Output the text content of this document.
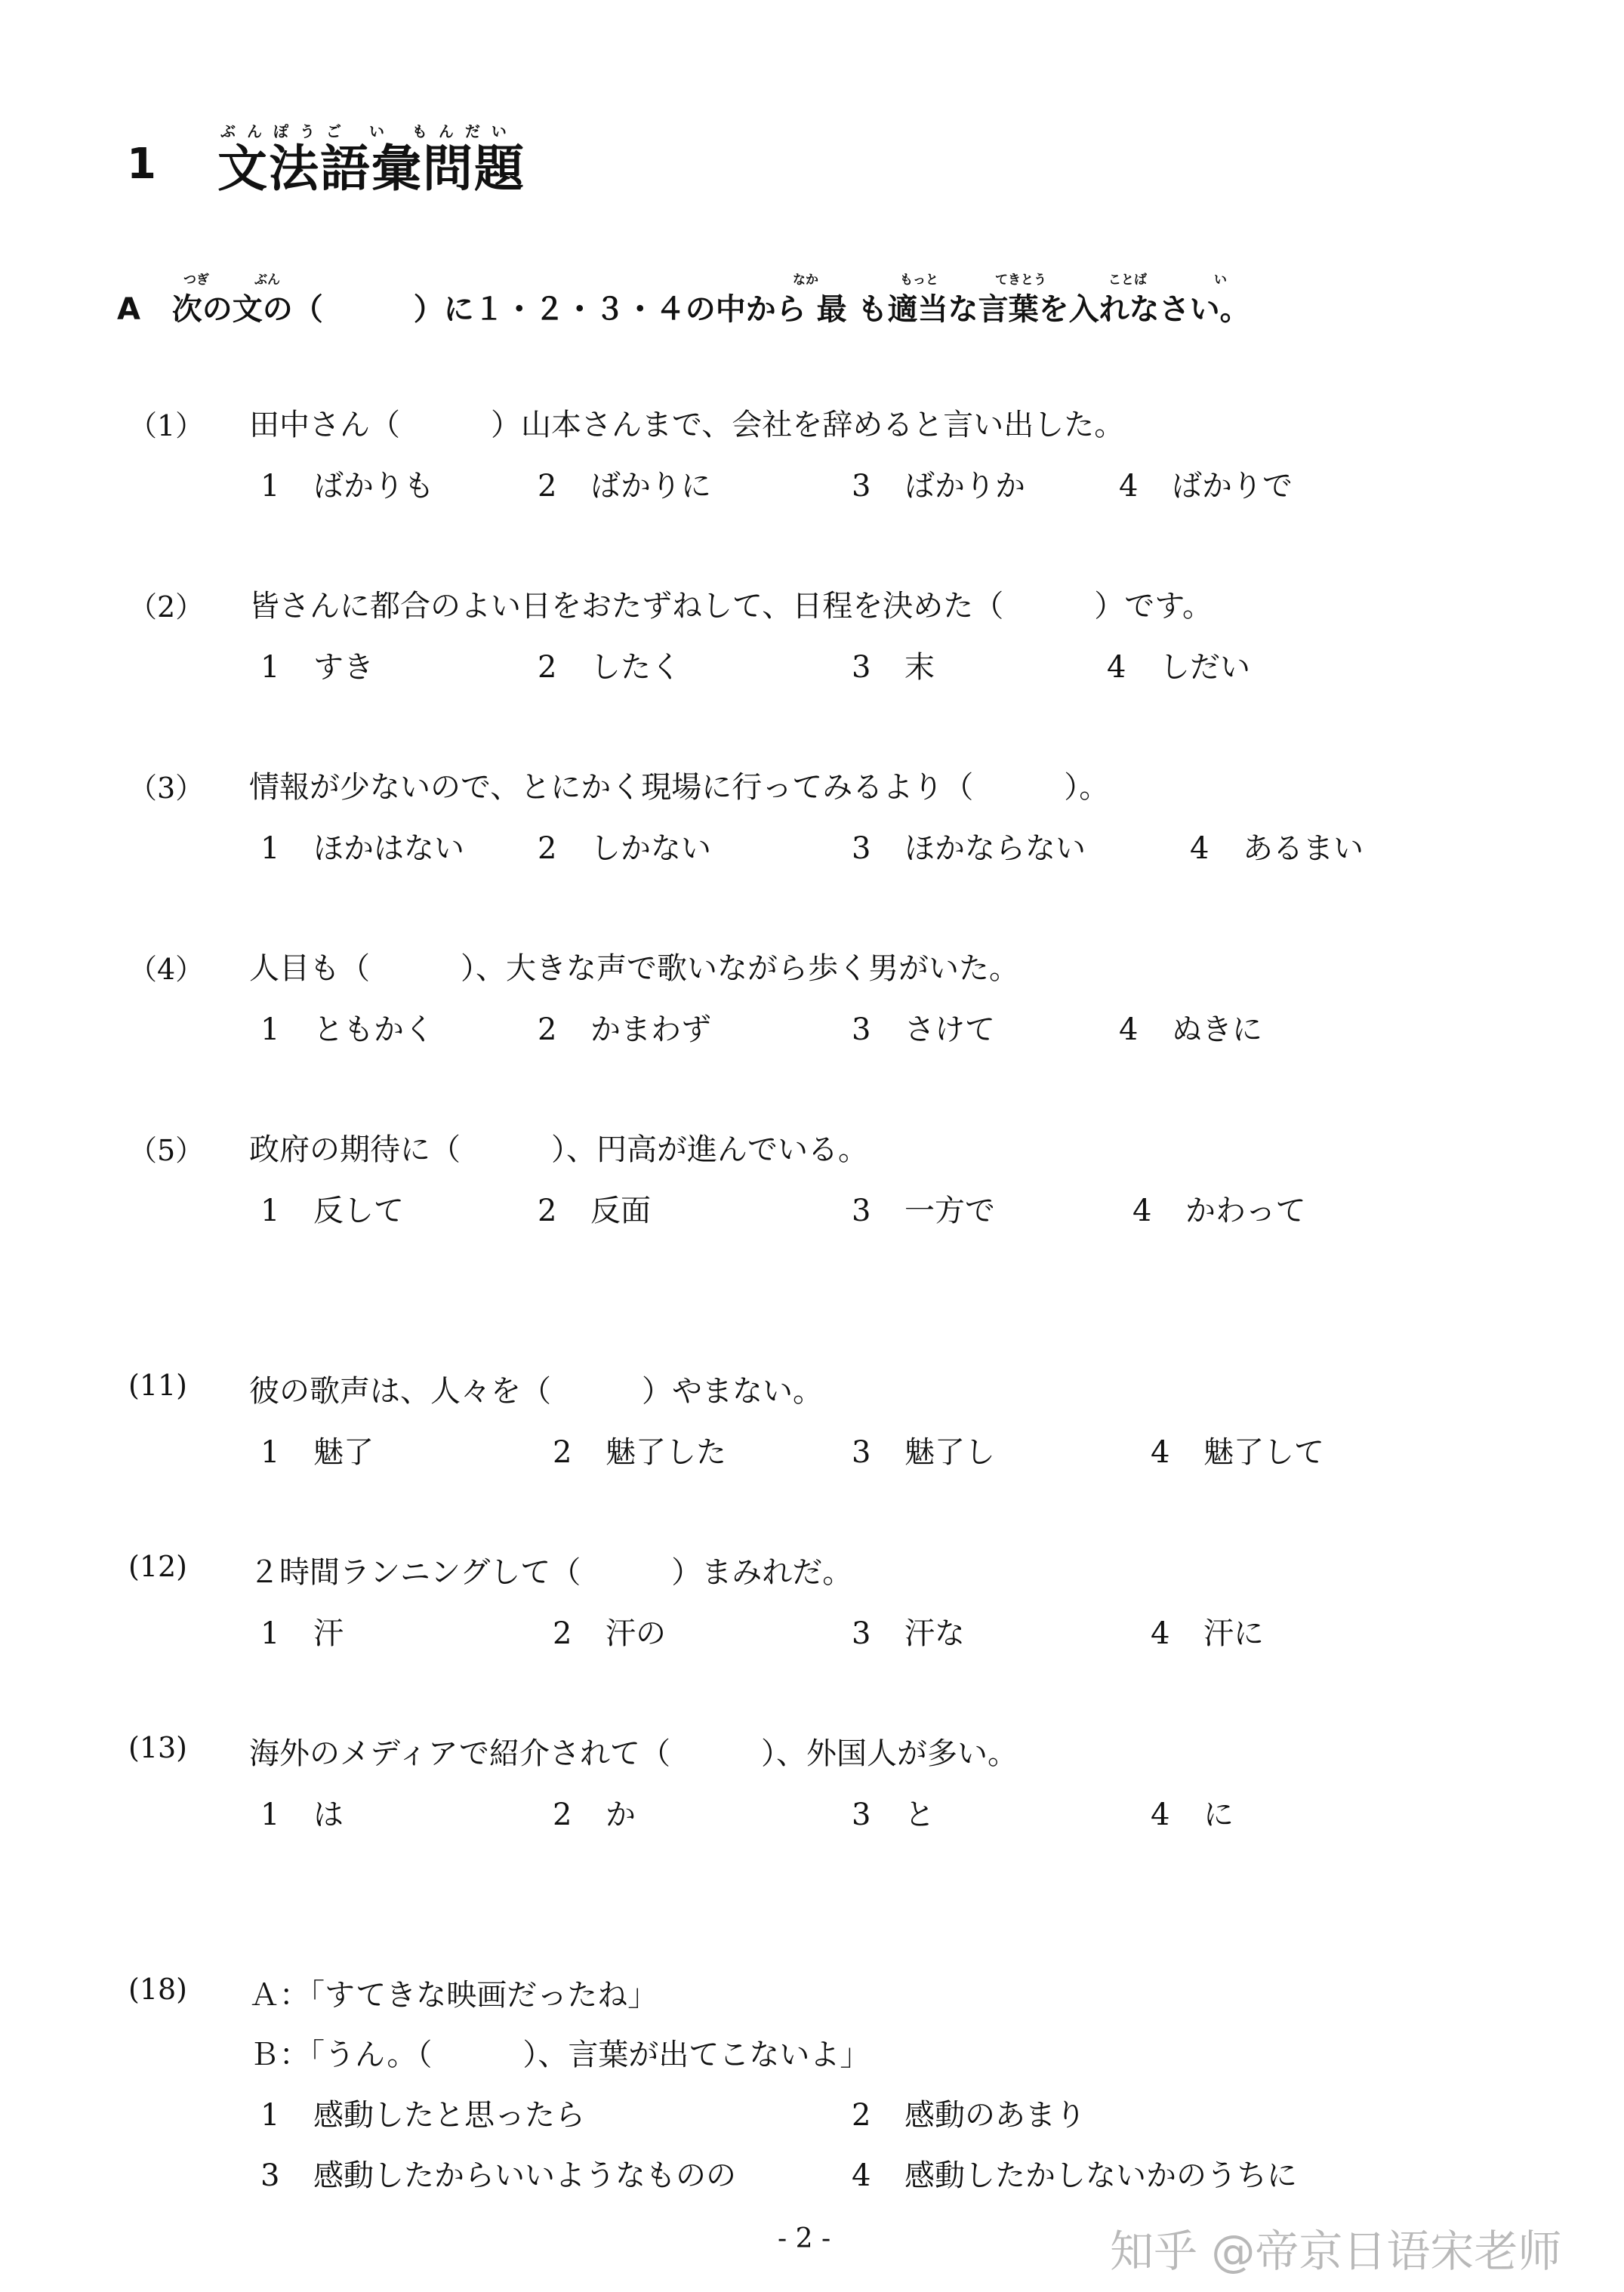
1
ぶんぽうご い もんだい
文法語彙問題
つぎ	ぶん	なか	もっと	てきとう	ことば	い
A 次の文の（　　　）に１・２・３・４の中から 最 も適当な言葉を入れなさい。
（1） 田中さん（　　　）山本さんまで、会社を辞めると言い出した。
1 ばかりも	2 ばかりに	3 ばかりか	4 ばかりで
（2） 皆さんに都合のよい日をおたずねして、日程を決めた（　　　）です。
1 すき	2 したく	3 末	4 しだい
（3） 情報が少ないので、とにかく現場に行ってみるより（　　　）。
1 ほかはない 2 しかない	3 ほかならない	4 あるまい
（4） 人目も（　　　）、大きな声で歌いながら歩く男がいた。
1 ともかく	2 かまわず	3 さけて	4 ぬきに
（5） 政府の期待に（　　　）、円高が進んでいる。
1 反して	2 反面	3 一方で	4 かわって
(11) 彼の歌声は、人々を（　　　）やまない。
1 魅了	2 魅了した	3 魅了し	4 魅了して
(12) ２時間ランニングして（　　　）まみれだ。
1 汗	2 汗の	3 汗な	4 汗に
(13) 海外のメディアで紹介されて（　　　）、外国人が多い。
1 は	2 か	3 と	4 に
(18) Ａ：「すてきな映画だったね」
Ｂ：「うん。（　　　）、言葉が出てこないよ」
1 感動したと思ったら	2 感動のあまり
3 感動したからいいようなものの	4 感動したかしないかのうちに
- 2 -	知乎 @帝京日语宋老师
